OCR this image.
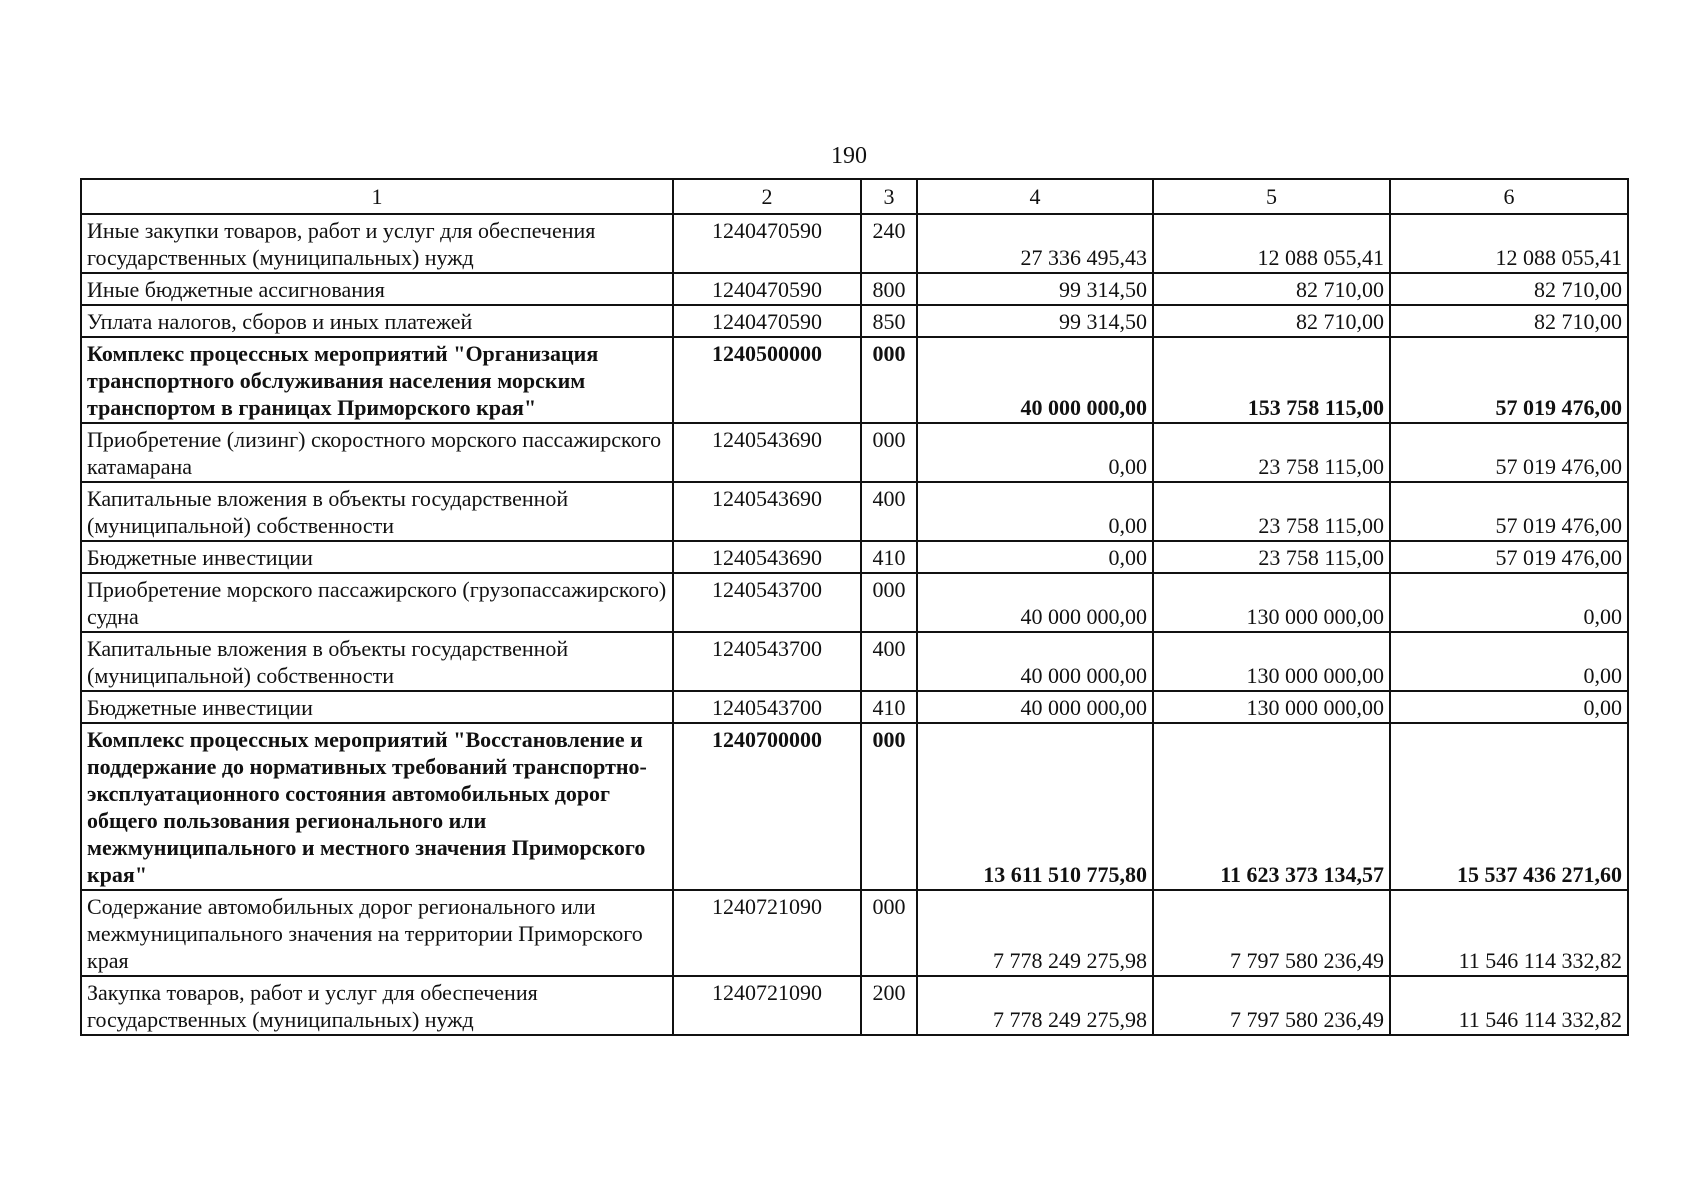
190
1	2	3	4	5	6
Иные закупки товаров, работ и услуг для обеспечения государственных (муниципальных) нужд	1240470590	240	27 336 495,43	12 088 055,41	12 088 055,41
Иные бюджетные ассигнования	1240470590	800	99 314,50	82 710,00	82 710,00
Уплата налогов, сборов и иных платежей	1240470590	850	99 314,50	82 710,00	82 710,00
Комплекс процессных мероприятий "Организация транспортного обслуживания населения морским транспортом в границах Приморского края"	1240500000	000	40 000 000,00	153 758 115,00	57 019 476,00
Приобретение (лизинг) скоростного морского пассажирского катамарана	1240543690	000	0,00	23 758 115,00	57 019 476,00
Капитальные вложения в объекты государственной (муниципальной) собственности	1240543690	400	0,00	23 758 115,00	57 019 476,00
Бюджетные инвестиции	1240543690	410	0,00	23 758 115,00	57 019 476,00
Приобретение морского пассажирского (грузопассажирского) судна	1240543700	000	40 000 000,00	130 000 000,00	0,00
Капитальные вложения в объекты государственной (муниципальной) собственности	1240543700	400	40 000 000,00	130 000 000,00	0,00
Бюджетные инвестиции	1240543700	410	40 000 000,00	130 000 000,00	0,00
Комплекс процессных мероприятий "Восстановление и поддержание до нормативных требований транспортно-эксплуатационного состояния автомобильных дорог общего пользования регионального или межмуниципального и местного значения Приморского края"	1240700000	000	13 611 510 775,80	11 623 373 134,57	15 537 436 271,60
Содержание автомобильных дорог регионального или межмуниципального значения на территории Приморского края	1240721090	000	7 778 249 275,98	7 797 580 236,49	11 546 114 332,82
Закупка товаров, работ и услуг для обеспечения государственных (муниципальных) нужд	1240721090	200	7 778 249 275,98	7 797 580 236,49	11 546 114 332,82
